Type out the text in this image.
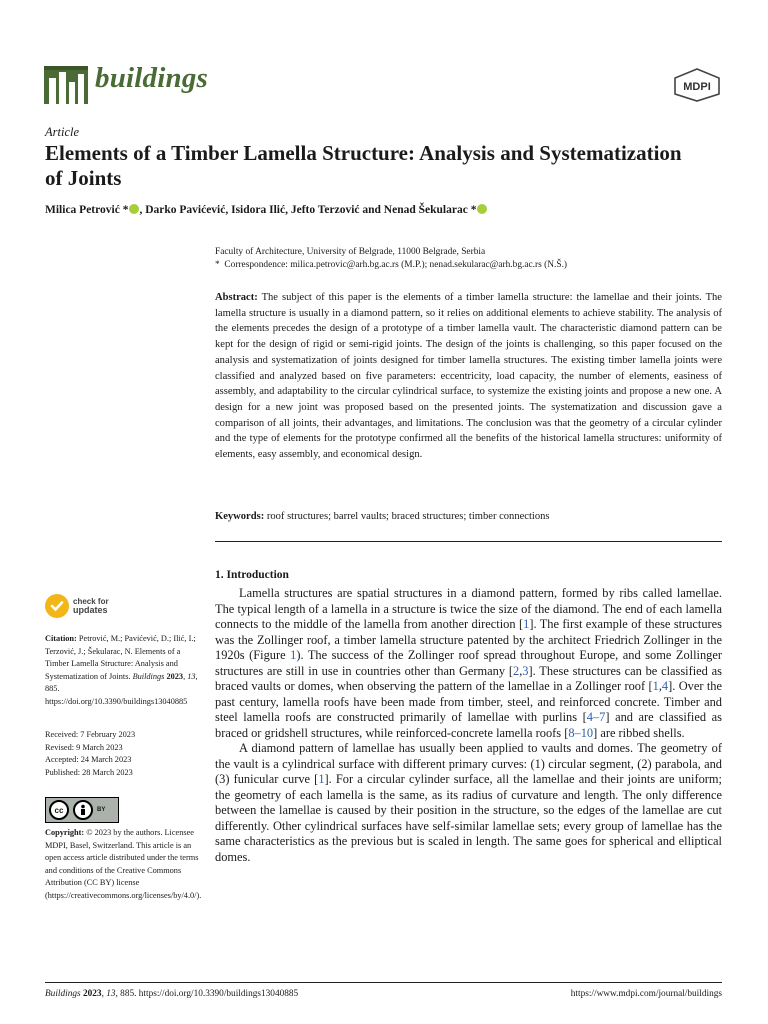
buildings	MDPI
Article
Elements of a Timber Lamella Structure: Analysis and Systematization of Joints
Milica Petrović * , Darko Pavićević, Isidora Ilić, Jefto Terzović and Nenad Šekularac *
Faculty of Architecture, University of Belgrade, 11000 Belgrade, Serbia
* Correspondence: milica.petrovic@arh.bg.ac.rs (M.P.); nenad.sekularac@arh.bg.ac.rs (N.Š.)
Abstract: The subject of this paper is the elements of a timber lamella structure: the lamellae and their joints. The lamella structure is usually in a diamond pattern, so it relies on additional elements to achieve stability. The analysis of the elements precedes the design of a prototype of a timber lamella vault. The characteristic diamond pattern can be kept for the design of rigid or semi-rigid joints. The design of the joints is challenging, so this paper focused on the analysis and systematization of joints designed for timber lamella structures. The existing timber lamella joints were classified and analyzed based on five parameters: eccentricity, load capacity, the number of elements, easiness of assembly, and adaptability to the circular cylindrical surface, to systemize the existing joints and propose a new one. A design for a new joint was proposed based on the presented joints. The systematization and discussion gave a comparison of all joints, their advantages, and limitations. The conclusion was that the geometry of a circular cylinder and the type of elements for the prototype confirmed all the benefits of the historical lamella structures: uniformity of elements, easy assembly, and economical design.
Keywords: roof structures; barrel vaults; braced structures; timber connections
1. Introduction

Lamella structures are spatial structures in a diamond pattern, formed by ribs called lamellae. The typical length of a lamella in a structure is twice the size of the diamond. The end of each lamella connects to the middle of the lamella from another direction [1]. The first example of these structures was the Zollinger roof, a timber lamella structure patented by the architect Friedrich Zollinger in the 1920s (Figure 1). The success of the Zollinger roof spread throughout Europe, and some Zollinger structures are still in use in countries other than Germany [2,3]. These structures can be classified as braced vaults or domes, when observing the pattern of the lamellae in a Zollinger roof [1,4]. Over the past century, lamella roofs have been made from timber, steel, and reinforced concrete. Timber and steel lamella roofs are constructed primarily of lamellae with purlins [4–7] and are classified as braced or gridshell structures, while reinforced-concrete lamella roofs [8–10] are ribbed shells.

A diamond pattern of lamellae has usually been applied to vaults and domes. The geometry of the vault is a cylindrical surface with different primary curves: (1) circular segment, (2) parabola, and (3) funicular curve [1]. For a circular cylinder surface, all the lamellae and their joints are uniform; the geometry of each lamella is the same, as its radius of curvature and length. The only difference between the lamellae is caused by their position in the structure, so the edges of the lamellae are cut differently. Other cylindrical surfaces have self-similar lamellae sets; every group of lamellae has the same characteristics as the previous but is scaled in length. The same goes for spherical and elliptical domes.

check for
updates
Citation: Petrović, M.; Pavićević, D.; Ilić, I.; Terzović, J.; Šekularac, N. Elements of a Timber Lamella Structure: Analysis and Systematization of Joints. Buildings 2023, 13, 885. https://doi.org/10.3390/buildings13040885
Received: 7 February 2023
Revised: 9 March 2023
Accepted: 24 March 2023
Published: 28 March 2023
cc	BY
Copyright: © 2023 by the authors. Licensee MDPI, Basel, Switzerland. This article is an open access article distributed under the terms and conditions of the Creative Commons Attribution (CC BY) license (https://creativecommons.org/licenses/by/4.0/).
Buildings 2023, 13, 885. https://doi.org/10.3390/buildings13040885	https://www.mdpi.com/journal/buildings
